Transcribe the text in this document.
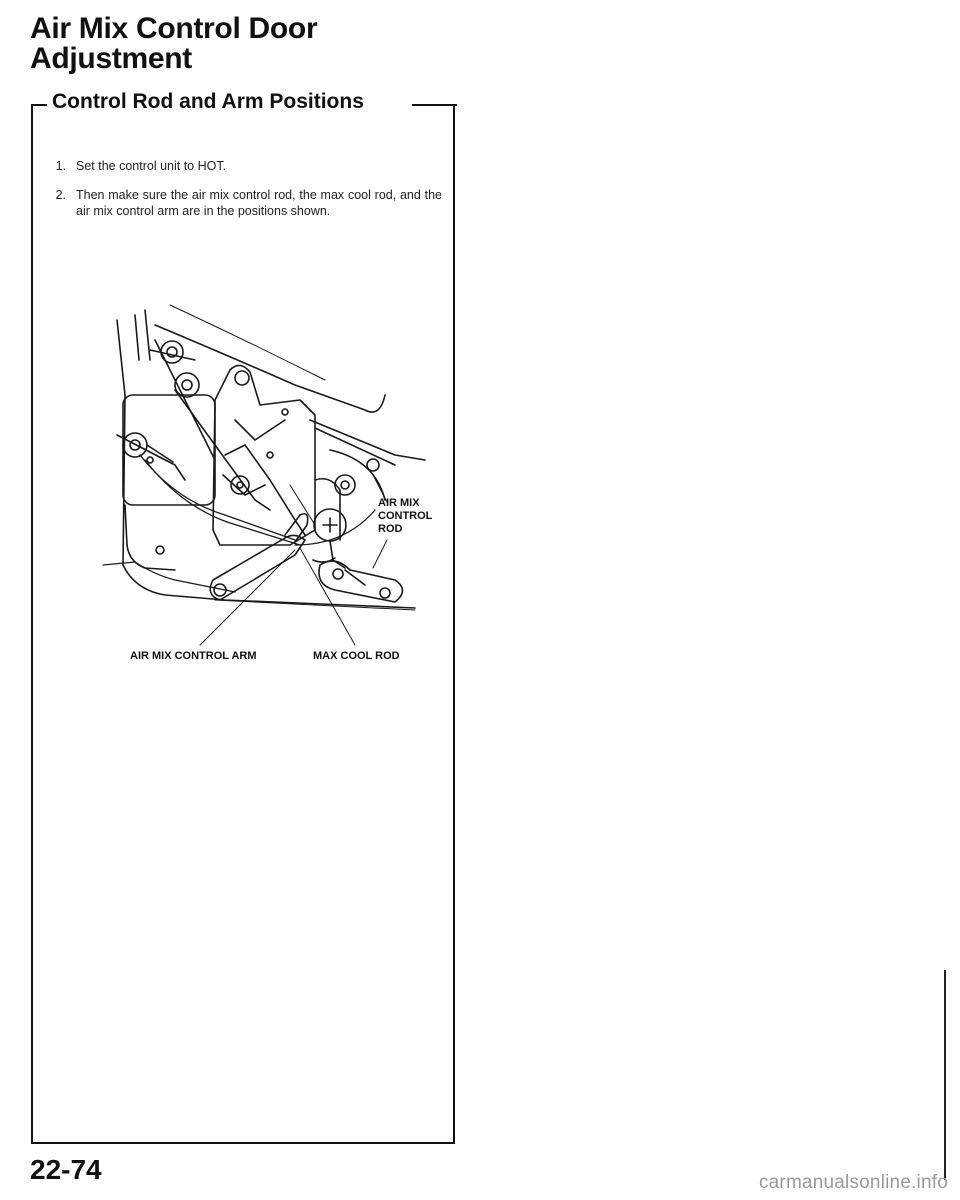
Air Mix Control Door
Adjustment
Control Rod and Arm Positions
1. Set the control unit to HOT.
2. Then make sure the air mix control rod, the max cool rod, and the air mix control arm are in the positions shown.
AIR MIX
CONTROL
ROD
AIR MIX CONTROL ARM	MAX COOL ROD

22-74	carmanualsonline.info
